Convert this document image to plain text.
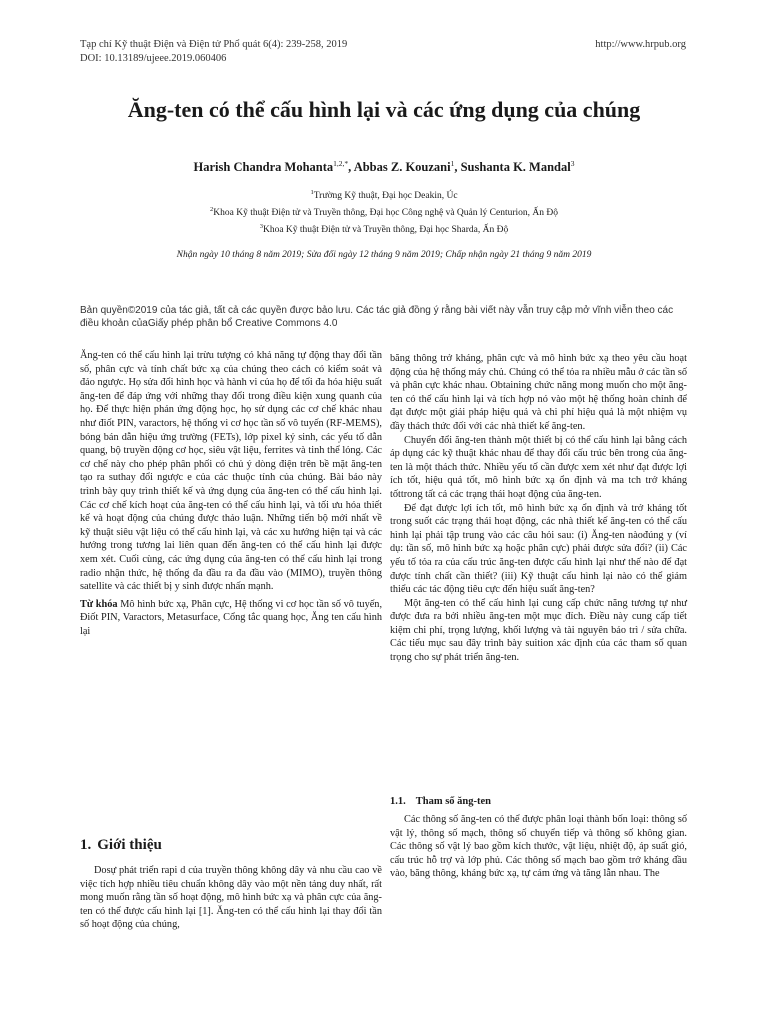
Tạp chí Kỹ thuật Điện và Điện tử Phổ quát 6(4): 239-258, 2019
DOI: 10.13189/ujeee.2019.060406
http://www.hrpub.org
Ăng-ten có thể cấu hình lại và các ứng dụng của chúng
Harish Chandra Mohanta$^{1,2,*}$, Abbas Z. Kouzani$^1$, Sushanta K. Mandal$^3$
$^1$Trường Kỹ thuật, Đại học Deakin, Úc
$^2$Khoa Kỹ thuật Điện tử và Truyền thông, Đại học Công nghệ và Quản lý Centurion, Ấn Độ
$^3$Khoa Kỹ thuật Điện tử và Truyền thông, Đại học Sharda, Ấn Độ
Nhận ngày 10 tháng 8 năm 2019; Sửa đổi ngày 12 tháng 9 năm 2019; Chấp nhận ngày 21 tháng 9 năm 2019
Bản quyền©2019 của tác giả, tất cả các quyền được bảo lưu. Các tác giả đồng ý rằng bài viết này vẫn truy cập mở vĩnh viễn theo các điều khoản củaGiấy phép phân bổ Creative Commons 4.0

Ăng-ten có thể cấu hình lại trừu tượng có khả năng tự động thay đổi tần số, phân cực và tính chất bức xạ của chúng theo cách có kiểm soát và đảo ngược. Họ sửa đổi hình học và hành vi của họ để tối đa hóa hiệu suất ăng-ten để đáp ứng với những thay đổi trong điều kiện xung quanh của họ. Để thực hiện phản ứng động học, họ sử dụng các cơ chế khác nhau như điốt PIN, varactors, hệ thống vi cơ học tần số vô tuyến (RF-MEMS), bóng bán dẫn hiệu ứng trường (FETs), lớp pixel ký sinh, các yếu tố dẫn quang, bộ truyền động cơ học, siêu vật liệu, ferrites và tinh thể lỏng. Các cơ chế này cho phép phân phối có chủ ý dòng điện trên bề mặt ăng-ten tạo ra suthay đổi ngược e của các thuộc tính của chúng. Bài báo này trình bày quy trình thiết kế và ứng dụng của ăng-ten có thể cấu hình lại. Các cơ chế kích hoạt của ăng-ten có thể cấu hình lại, và tối ưu hóa thiết kế và hoạt động của chúng được thảo luận. Những tiến bộ mới nhất về kỹ thuật siêu vật liệu có thể cấu hình lại, và các xu hướng hiện tại và các hướng trong tương lai liên quan đến ăng-ten có thể cấu hình lại được xem xét. Cuối cùng, các ứng dụng của ăng-ten có thể cấu hình lại trong radio nhận thức, hệ thống đa đầu ra đa đầu vào (MIMO), truyền thông satellite và các thiết bị y sinh được nhấn mạnh.

Từ khóa Mô hình bức xạ, Phân cực, Hệ thống vi cơ học tần số vô tuyến, Điốt PIN, Varactors, Metasurface, Cổng tắc quang học, Ăng ten cấu hình lại

1. Giới thiệu

Dosự phát triển rapi d của truyền thông không dây và nhu cầu cao về việc tích hợp nhiều tiêu chuẩn không dây vào một nền tảng duy nhất, rất mong muốn rằng tần số hoạt động, mô hình bức xạ và phân cực của ăng-ten có thể được cấu hình lại [1]. Ăng-ten có thể cấu hình lại thay đổi tần số hoạt động của chúng,

băng thông trở kháng, phân cực và mô hình bức xạ theo yêu cầu hoạt động của hệ thống máy chủ. Chúng có thể tỏa ra nhiều mẫu ở các tần số và phân cực khác nhau. Obtaining chức năng mong muốn cho một ăng-ten có thể cấu hình lại và tích hợp nó vào một hệ thống hoàn chỉnh để đạt được một giải pháp hiệu quả và chi phí hiệu quả là một nhiệm vụ đầy thách thức đối với các nhà thiết kế ăng-ten.

Chuyển đổi ăng-ten thành một thiết bị có thể cấu hình lại bằng cách áp dụng các kỹ thuật khác nhau để thay đổi cấu trúc bên trong của ăng-ten là một thách thức. Nhiều yếu tố cần được xem xét như đạt được lợi ích tốt, hiệu quả tốt, mô hình bức xạ ổn định và ma tch trở kháng tốttrong tất cả các trạng thái hoạt động của ăng-ten.

Để đạt được lợi ích tốt, mô hình bức xạ ổn định và trở kháng tốt trong suốt các trạng thái hoạt động, các nhà thiết kế ăng-ten có thể cấu hình lại phải tập trung vào các câu hỏi sau: (i) Ăng-ten nàođúng y (ví dụ: tần số, mô hình bức xạ hoặc phân cực) phải được sửa đổi? (ii) Các yếu tố tỏa ra của cấu trúc ăng-ten được cấu hình lại như thế nào để đạt được tính chất cần thiết? (iii) Kỹ thuật cấu hình lại nào có thể giảm thiểu các tác động tiêu cực đến hiệu suất ăng-ten?

Một ăng-ten có thể cấu hình lại cung cấp chức năng tương tự như được đưa ra bởi nhiều ăng-ten một mục đích. Điều này cung cấp tiết kiệm chi phí, trọng lượng, khối lượng và tài nguyên bảo trì / sửa chữa. Các tiểu mục sau đây trình bày suition xác định của các tham số quan trọng cho sự phát triển ăng-ten.

1.1. Tham số ăng-ten

Các thông số ăng-ten có thể được phân loại thành bốn loại: thông số vật lý, thông số mạch, thông số chuyển tiếp và thông số không gian. Các thông số vật lý bao gồm kích thước, vật liệu, nhiệt độ, áp suất gió, cấu trúc hỗ trợ và lớp phủ. Các thông số mạch bao gồm trở kháng đầu vào, băng thông, kháng bức xạ, tự cảm ứng và tăng lẫn nhau. The
